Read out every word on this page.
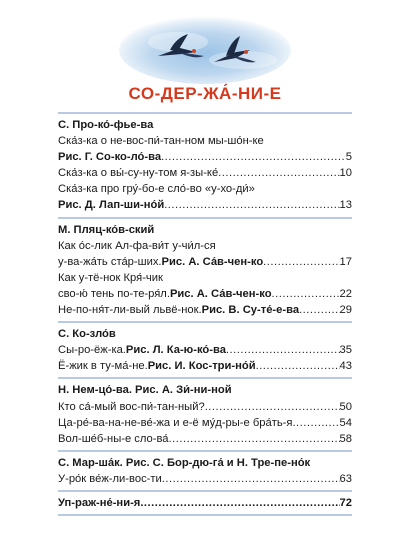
СО-ДЕР-ЖА́-НИ-Е
С. Про-ко́-фье-ва
Ска́з-ка о не-вос-пи́-тан-ном мы-шо́н-ке
Рис. Г. Со-ко-ло́-ва .....	5
Ска́з-ка о вы́-су-ну-том я-зы-ке́ .....	10
Ска́з-ка про гру́-бо-е сло́-во «у-хо-ди́»
Рис. Д. Лап-ши-но́й .....	13
М. Пляц-ко́в-ский
Как о́с-лик Ал-фа-ви́т у-чи́л-ся
у-ва-жа́ть ста́р-ших. Рис. А. Са́в-чен-ко .....	17
Как у-тё-нок Кря́-чик
сво-ю́ тень по-те-ря́л. Рис. А. Са́в-чен-ко .....	22
Не-по-ня́т-ли-вый львё-нок. Рис. В. Су-те́-е-ва .....	29
С. Ко-зло́в
Сы-ро-ёж-ка. Рис. Л. Ка-ю-ко́-ва .....	35
Ё-жик в ту-ма́-не. Рис. И. Кос-три-но́й .....	43
Н. Нем-цо́-ва. Рис. А. Зи́-ни-ной
Кто са́-мый вос-пи́-тан-ный? .....	50
Ца-ре́-ва-на-не-ве́-жа и е-ё му́д-ры-е бра́ть-я .....	54
Вол-ше́б-ны-е сло-ва́ .....	58
С. Мар-ша́к. Рис. С. Бор-дю-га́ и Н. Тре-пе-но́к
У-ро́к ве́ж-ли-вос-ти .....	63
Уп-раж-не́-ни-я .....	72
